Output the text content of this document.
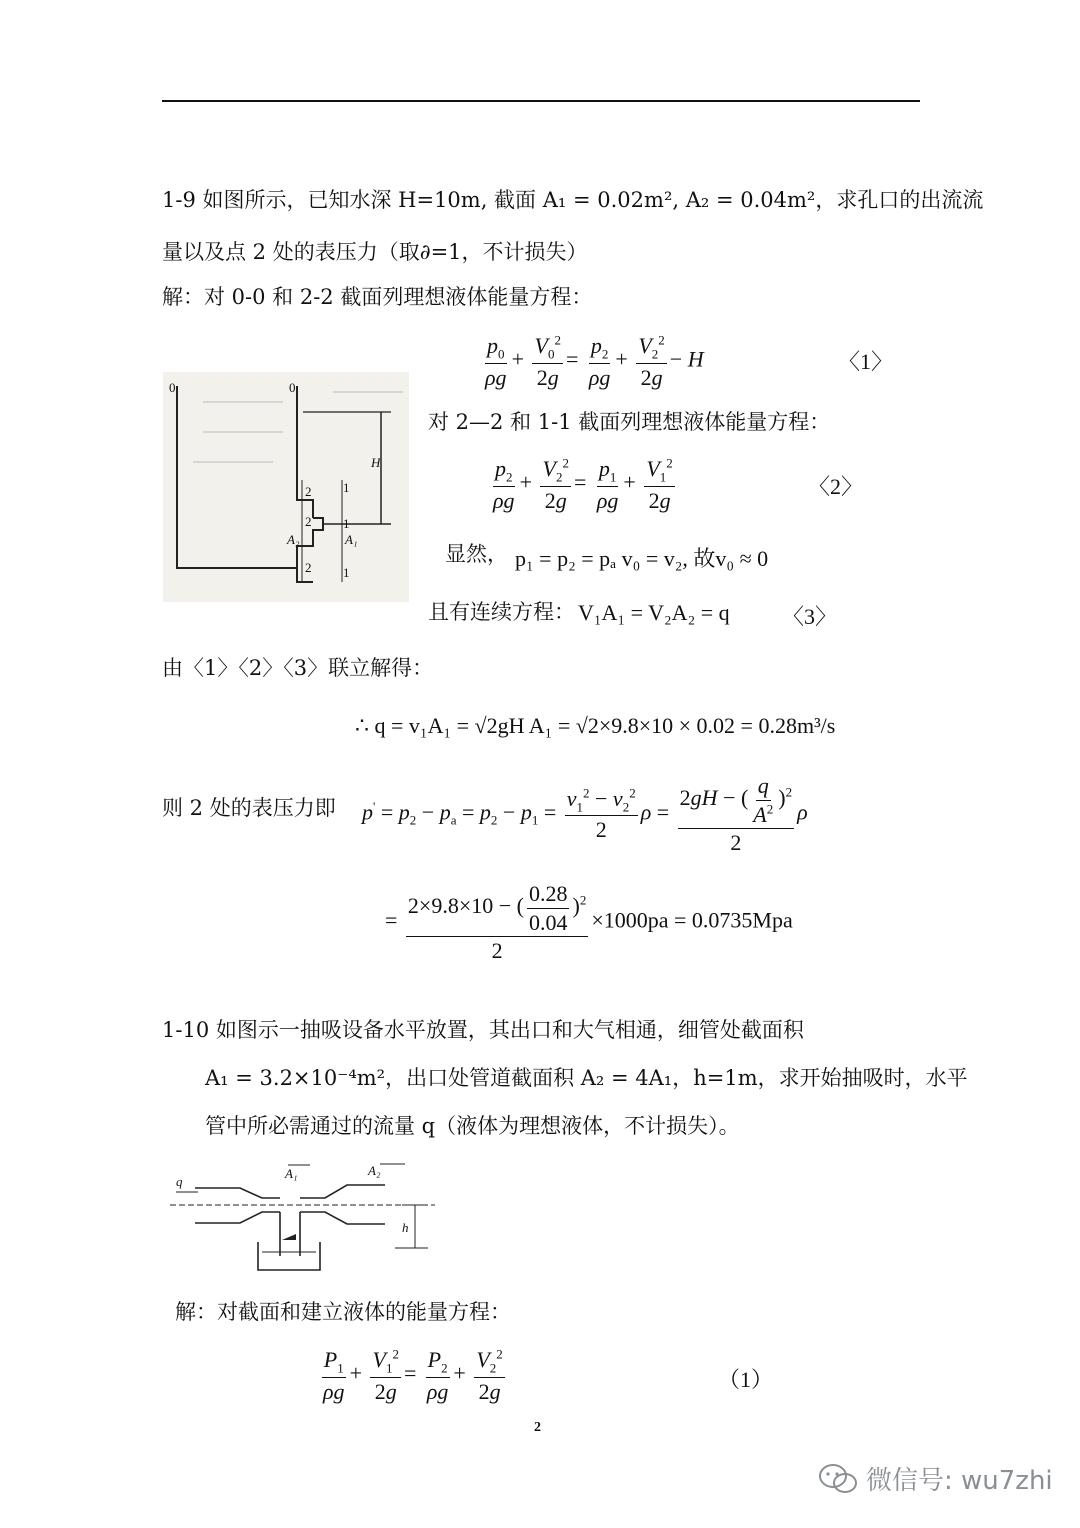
1-9 如图所示，已知水深 H=10m, 截面 A₁ = 0.02m², A₂ = 0.04m²，求孔口的出流流
量以及点 2 处的表压力（取∂=1，不计损失）
解：对 0-0 和 2-2 截面列理想液体能量方程：
$\frac{p_0}{\rho g} + \frac{V_0^2}{2g} = \frac{p_2}{\rho g} + \frac{V_2^2}{2g} - H$	〈1〉
0	0
H
2
2
2
1
1
1
A₂	A₁
对 2—2 和 1-1 截面列理想液体能量方程：
$\frac{p_2}{\rho g} + \frac{V_2^2}{2g} = \frac{p_1}{\rho g} + \frac{V_1^2}{2g}$	〈2〉
显然， p₁ = p₂ = pₐ v₀ = v₂, 故v₀ ≈ 0
且有连续方程： V₁A₁ = V₂A₂ = q 〈3〉
由〈1〉〈2〉〈3〉联立解得：
∴ q = v₁A₁ = √2gH A₁ = √2×9.8×10 × 0.02 = 0.28m³/s
则 2 处的表压力即 $p' = p_2 - p_a = p_2 - p_1 = \frac{v_1^2 - v_2^2}{2}$ $\rho = \frac{2gH - ( \frac{q}{A^2} )^2}{2}$ ρ
= $\frac{2\times 9.8\times 10 - ( \frac{0.28}{0.04} )^2}{2} \times 1000pa = 0.0735Mpa$
1-10 如图示一抽吸设备水平放置，其出口和大气相通，细管处截面积
A₁ = 3.2×10⁻⁴m²，出口处管道截面积 A₂ = 4A₁，h=1m，求开始抽吸时，水平
管中所必需通过的流量 q（液体为理想液体，不计损失）。
q
A₁	A₂
h
解：对截面和建立液体的能量方程：
$\frac{P_1}{\rho g} + \frac{V_1^2}{2g} = \frac{P_2}{\rho g} + \frac{V_2^2}{2g}$	（1）
2
微信号: wu7zhi
